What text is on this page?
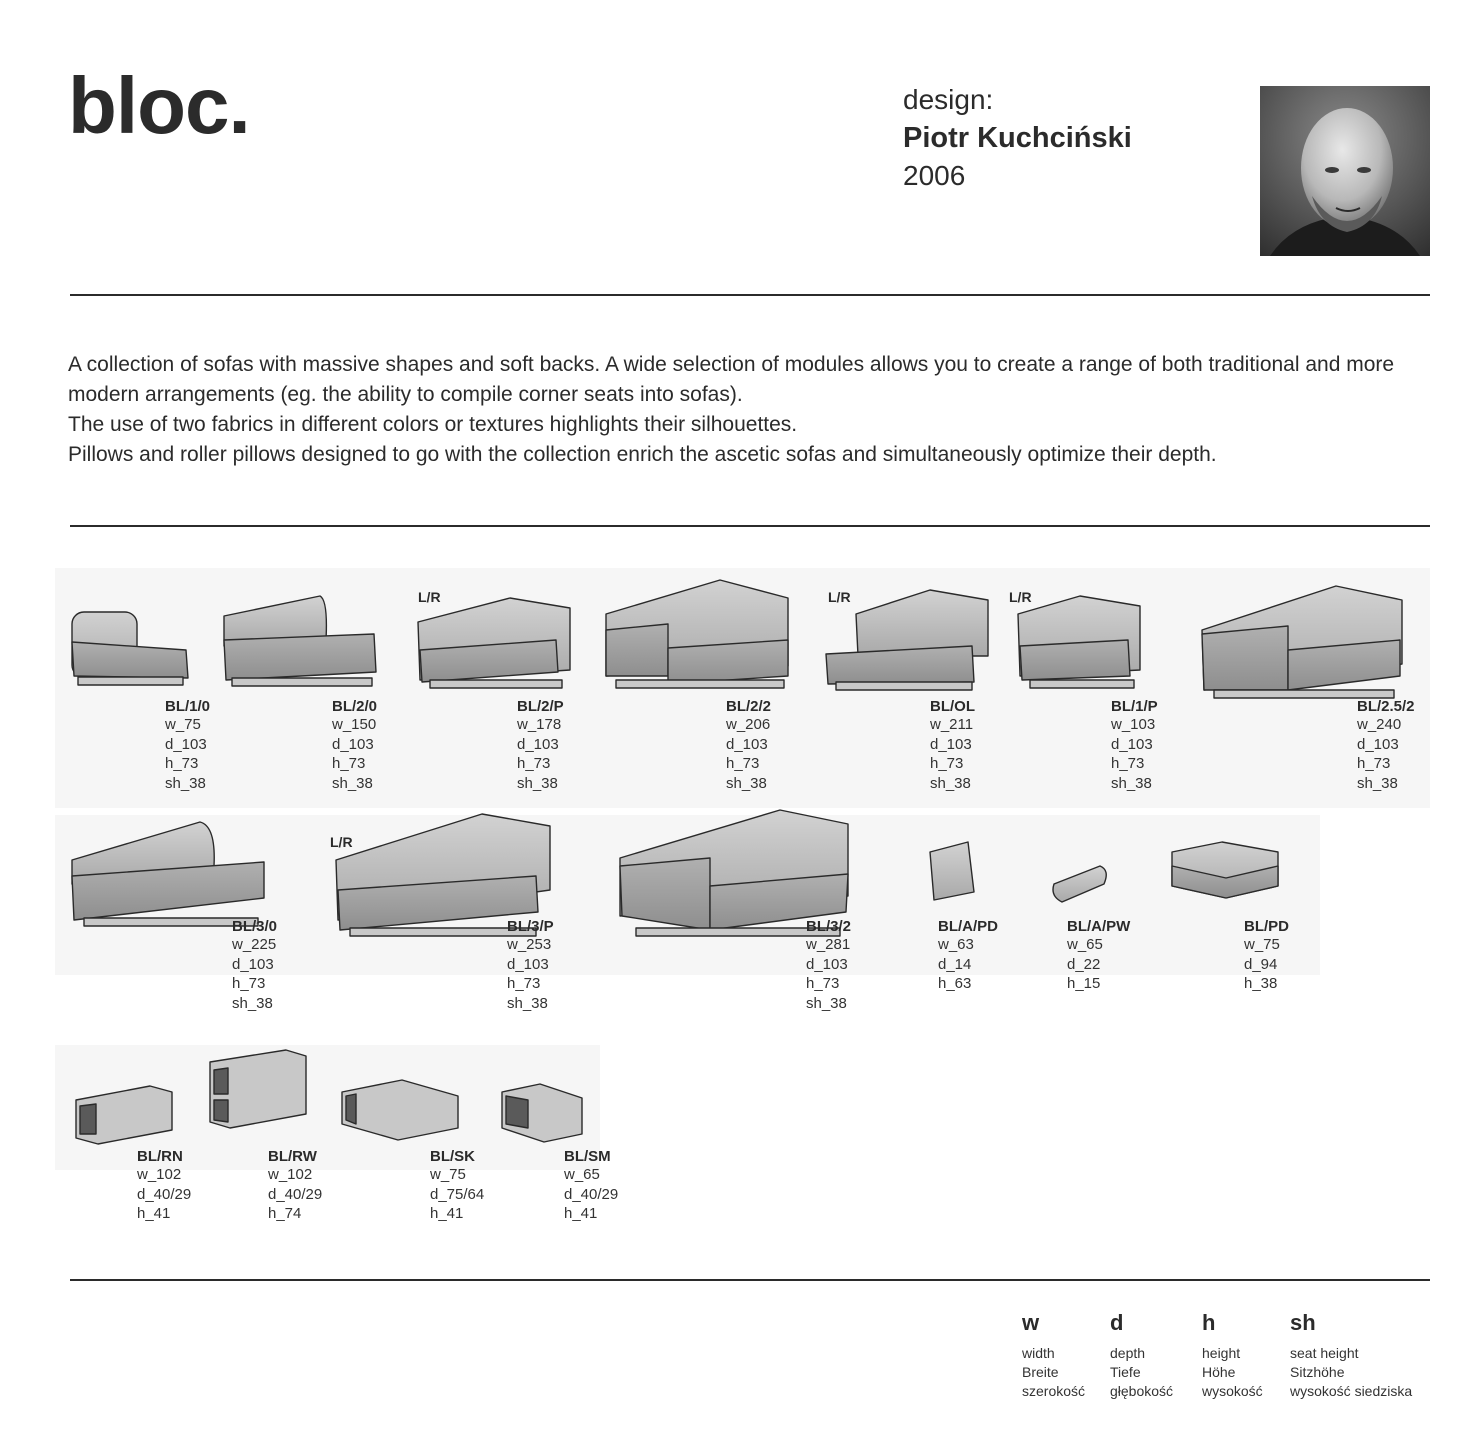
bloc.	design:
Piotr Kuchciński
2006

A collection of sofas with massive shapes and soft backs. A wide selection of modules allows you to create a range of both traditional and more modern arrangements (eg. the ability to compile corner seats into sofas).

The use of two fabrics in different colors or textures highlights their silhouettes.

Pillows and roller pillows designed to go with the collection enrich the ascetic sofas and simultaneously optimize their depth.

L/R	L/R	L/R
L/R
BL/1/0
w_75
d_103
h_73
sh_38
BL/2/0
w_150
d_103
h_73
sh_38
BL/2/P
w_178
d_103
h_73
sh_38
BL/2/2
w_206
d_103
h_73
sh_38
BL/OL
w_211
d_103
h_73
sh_38
BL/1/P
w_103
d_103
h_73
sh_38
BL/2.5/2
w_240
d_103
h_73
sh_38
BL/3/0
w_225
d_103
h_73
sh_38
BL/3/P
w_253
d_103
h_73
sh_38
BL/3/2
w_281
d_103
h_73
sh_38
BL/A/PD
w_63
d_14
h_63
BL/A/PW
w_65
d_22
h_15
BL/PD
w_75
d_94
h_38
BL/RN
w_102
d_40/29
h_41
BL/RW
w_102
d_40/29
h_74
BL/SK
w_75
d_75/64
h_41
BL/SM
w_65
d_40/29
h_41
w
width
Breite
szerokość
d
depth
Tiefe
głębokość
h
height
Höhe
wysokość
sh
seat height
Sitzhöhe
wysokość siedziska
